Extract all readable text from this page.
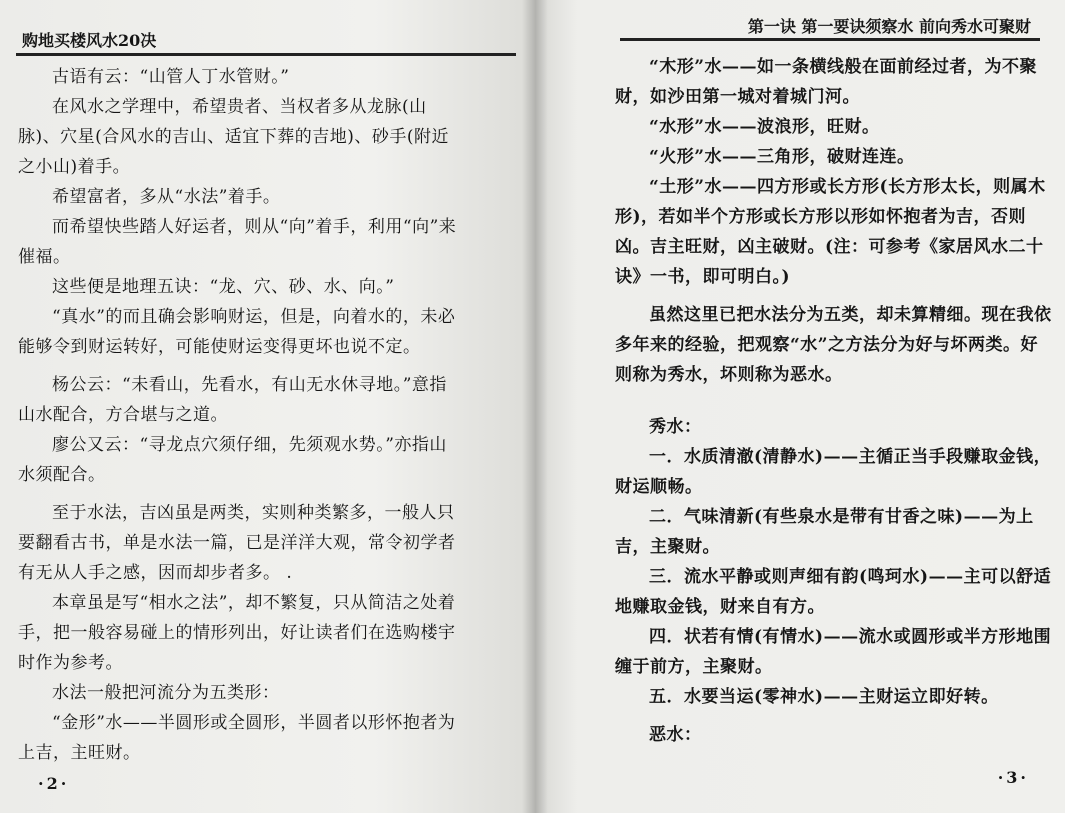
购地买楼风水20决

古语有云：“山管人丁水管财。”

在风水之学理中，希望贵者、当权者多从龙脉(山脉)、穴星(合风水的吉山、适宜下葬的吉地)、砂手(附近之小山)着手。

希望富者，多从“水法”着手。

而希望快些踏人好运者，则从“向”着手，利用“向”来催福。

这些便是地理五诀：“龙、穴、砂、水、向。”

“真水”的而且确会影响财运，但是，向着水的，未必能够令到财运转好，可能使财运变得更坏也说不定。

杨公云：“未看山，先看水，有山无水休寻地。”意指山水配合，方合堪与之道。

廖公又云：“寻龙点穴须仔细，先须观水势。”亦指山水须配合。

至于水法，吉凶虽是两类，实则种类繁多，一般人只要翻看古书，单是水法一篇，已是洋洋大观，常令初学者有无从人手之感，因而却步者多。 .

本章虽是写“相水之法”，却不繁复，只从简洁之处着手，把一般容易碰上的情形列出，好让读者们在选购楼宇时作为参考。

水法一般把河流分为五类形：

“金形”水——半圆形或全圆形，半圆者以形怀抱者为上吉，主旺财。

·2·
第一诀 第一要诀须察水 前向秀水可聚财

“木形”水——如一条横线般在面前经过者，为不聚财，如沙田第一城对着城门河。

“水形”水——波浪形，旺财。

“火形”水——三角形，破财连连。

“土形”水——四方形或长方形(长方形太长，则属木形)，若如半个方形或长方形以形如怀抱者为吉，否则凶。吉主旺财，凶主破财。(注：可参考《家居风水二十诀》一书，即可明白。)

虽然这里已把水法分为五类，却未算精细。现在我依多年来的经验，把观察“水”之方法分为好与坏两类。好则称为秀水，坏则称为恶水。

秀水：

一．水质清澈(清静水)——主循正当手段赚取金钱，财运顺畅。

二．气味清新(有些泉水是带有甘香之味)——为上吉，主聚财。

三．流水平静或则声细有韵(鸣珂水)——主可以舒适地赚取金钱，财来自有方。

四．状若有情(有情水)——流水或圆形或半方形地围缠于前方，主聚财。

五．水要当运(零神水)——主财运立即好转。

恶水：

·3·
